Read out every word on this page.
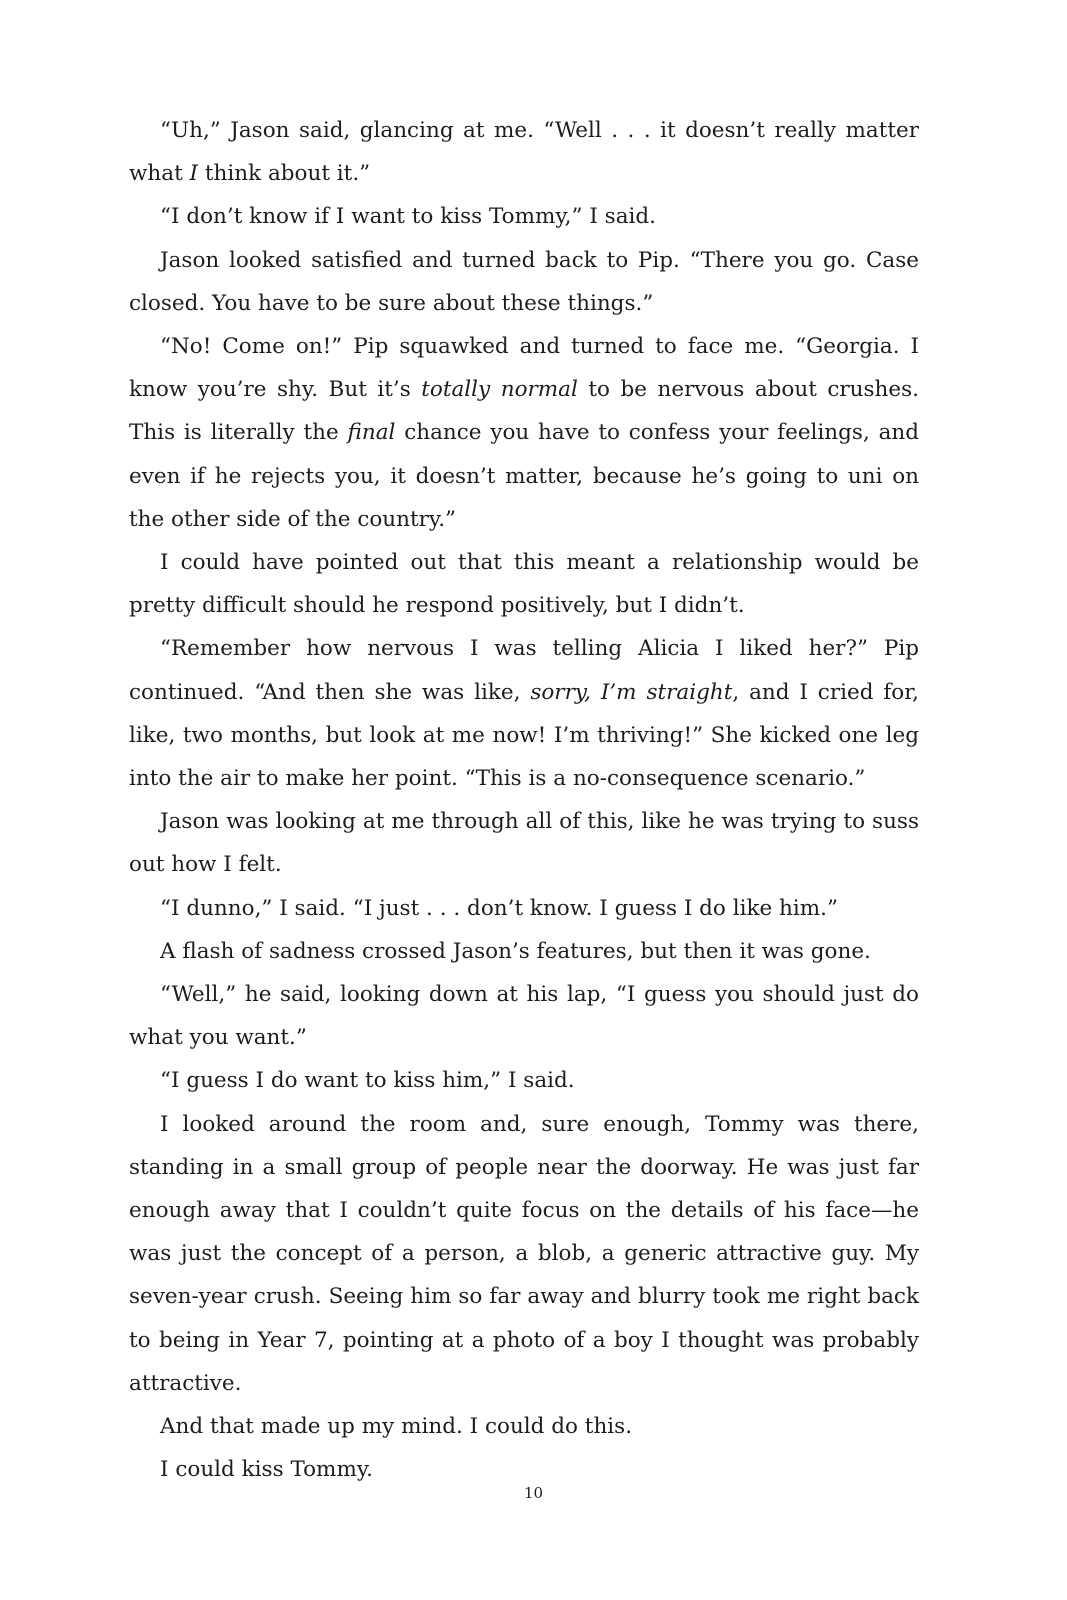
“Uh,” Jason said, glancing at me. “Well . . . it doesn’t really matter what I think about it.”

“I don’t know if I want to kiss Tommy,” I said.

Jason looked satisfied and turned back to Pip. “There you go. Case closed. You have to be sure about these things.”

“No! Come on!” Pip squawked and turned to face me. “Georgia. I know you’re shy. But it’s totally normal to be nervous about crushes. This is literally the final chance you have to confess your feelings, and even if he rejects you, it doesn’t matter, because he’s going to uni on the other side of the country.”

I could have pointed out that this meant a relationship would be pretty difficult should he respond positively, but I didn’t.

“Remember how nervous I was telling Alicia I liked her?” Pip continued. “And then she was like, sorry, I’m straight, and I cried for, like, two months, but look at me now! I’m thriving!” She kicked one leg into the air to make her point. “This is a no-consequence scenario.”

Jason was looking at me through all of this, like he was trying to suss out how I felt.

“I dunno,” I said. “I just . . . don’t know. I guess I do like him.”

A flash of sadness crossed Jason’s features, but then it was gone.

“Well,” he said, looking down at his lap, “I guess you should just do what you want.”

“I guess I do want to kiss him,” I said.

I looked around the room and, sure enough, Tommy was there, standing in a small group of people near the doorway. He was just far enough away that I couldn’t quite focus on the details of his face—he was just the concept of a person, a blob, a generic attractive guy. My seven-year crush. Seeing him so far away and blurry took me right back to being in Year 7, pointing at a photo of a boy I thought was probably attractive.

And that made up my mind. I could do this.

I could kiss Tommy.

10
